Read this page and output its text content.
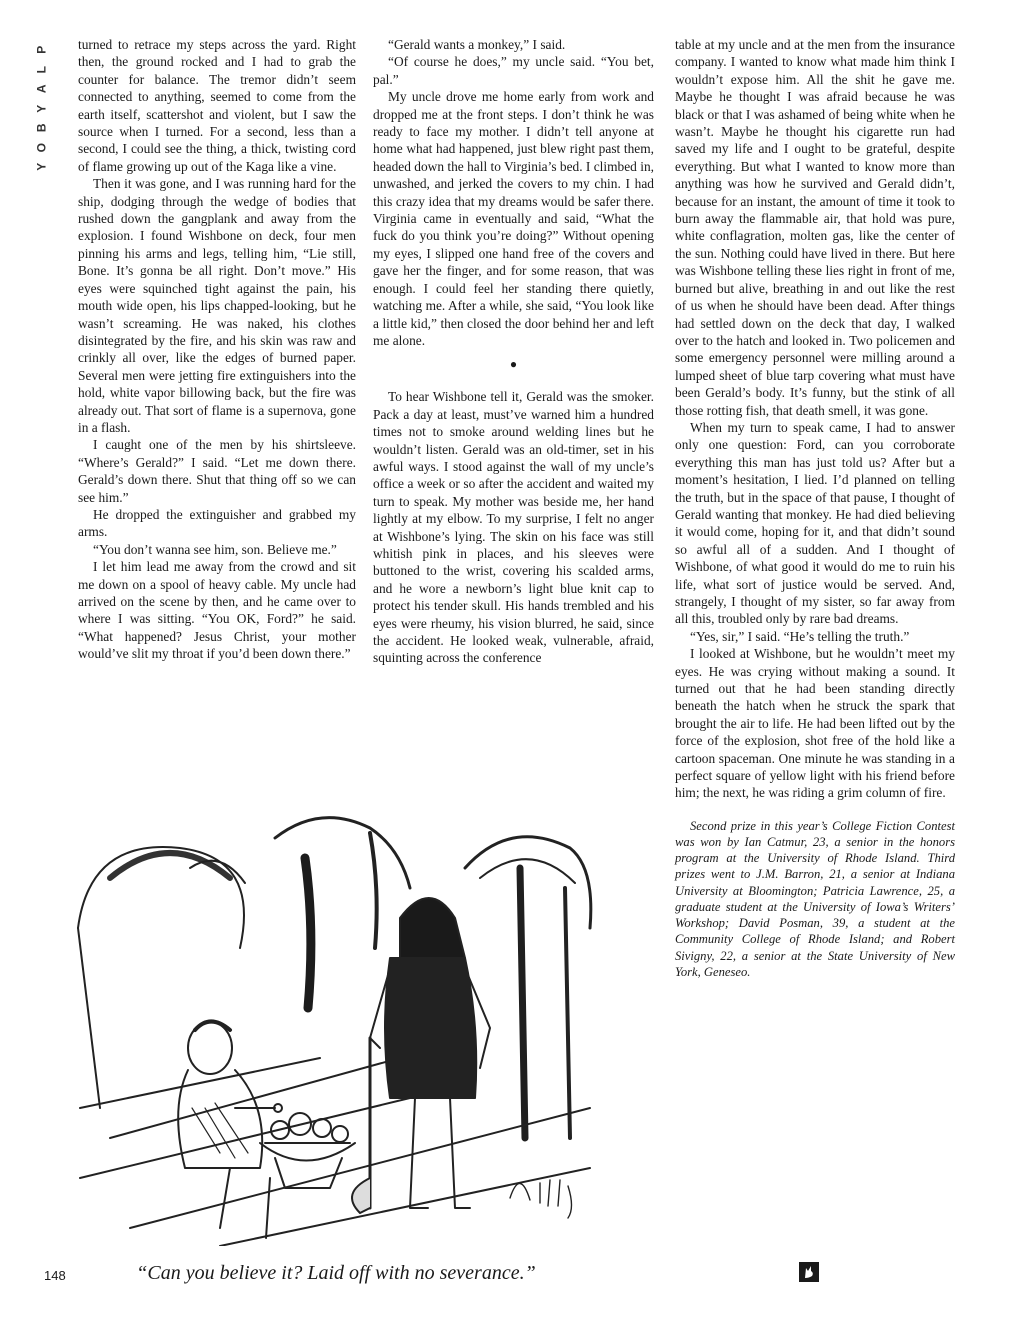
P
L
A
Y
B
O
Y

turned to retrace my steps across the yard. Right then, the ground rocked and I had to grab the counter for balance. The tremor didn’t seem connected to anything, seemed to come from the earth itself, scattershot and violent, but I saw the source when I turned. For a second, less than a second, I could see the thing, a thick, twisting cord of flame growing up out of the Kaga like a vine.

Then it was gone, and I was running hard for the ship, dodging through the wedge of bodies that rushed down the gangplank and away from the explosion. I found Wishbone on deck, four men pinning his arms and legs, telling him, “Lie still, Bone. It’s gonna be all right. Don’t move.” His eyes were squinched tight against the pain, his mouth wide open, his lips chapped-looking, but he wasn’t screaming. He was naked, his clothes disintegrated by the fire, and his skin was raw and crinkly all over, like the edges of burned paper. Several men were jetting fire extinguishers into the hold, white vapor billowing back, but the fire was already out. That sort of flame is a supernova, gone in a flash.

I caught one of the men by his shirtsleeve. “Where’s Gerald?” I said. “Let me down there. Gerald’s down there. Shut that thing off so we can see him.”

He dropped the extinguisher and grabbed my arms.

“You don’t wanna see him, son. Believe me.”

I let him lead me away from the crowd and sit me down on a spool of heavy cable. My uncle had arrived on the scene by then, and he came over to where I was sitting. “You OK, Ford?” he said. “What happened? Jesus Christ, your mother would’ve slit my throat if you’d been down there.”

“Gerald wants a monkey,” I said.

“Of course he does,” my uncle said. “You bet, pal.”

My uncle drove me home early from work and dropped me at the front steps. I don’t think he was ready to face my mother. I didn’t tell anyone at home what had happened, just blew right past them, headed down the hall to Virginia’s bed. I climbed in, unwashed, and jerked the covers to my chin. I had this crazy idea that my dreams would be safer there. Virginia came in eventually and said, “What the fuck do you think you’re doing?” Without opening my eyes, I slipped one hand free of the covers and gave her the finger, and for some reason, that was enough. I could feel her standing there quietly, watching me. After a while, she said, “You look like a little kid,” then closed the door behind her and left me alone.

●

To hear Wishbone tell it, Gerald was the smoker. Pack a day at least, must’ve warned him a hundred times not to smoke around welding lines but he wouldn’t listen. Gerald was an old-timer, set in his awful ways. I stood against the wall of my uncle’s office a week or so after the accident and waited my turn to speak. My mother was beside me, her hand lightly at my elbow. To my surprise, I felt no anger at Wishbone’s lying. The skin on his face was still whitish pink in places, and his sleeves were buttoned to the wrist, covering his scalded arms, and he wore a newborn’s light blue knit cap to protect his tender skull. His hands trembled and his eyes were rheumy, his vision blurred, he said, since the accident. He looked weak, vulnerable, afraid, squinting across the conference

table at my uncle and at the men from the insurance company. I wanted to know what made him think I wouldn’t expose him. All the shit he gave me. Maybe he thought I was afraid because he was black or that I was ashamed of being white when he wasn’t. Maybe he thought his cigarette run had saved my life and I ought to be grateful, despite everything. But what I wanted to know more than anything was how he survived and Gerald didn’t, because for an instant, the amount of time it took to burn away the flammable air, that hold was pure, white conflagration, molten gas, like the center of the sun. Nothing could have lived in there. But here was Wishbone telling these lies right in front of me, burned but alive, breathing in and out like the rest of us when he should have been dead. After things had settled down on the deck that day, I walked over to the hatch and looked in. Two policemen and some emergency personnel were milling around a lumped sheet of blue tarp covering what must have been Gerald’s body. It’s funny, but the stink of all those rotting fish, that death smell, it was gone.

When my turn to speak came, I had to answer only one question: Ford, can you corroborate everything this man has just told us? After but a moment’s hesitation, I lied. I’d planned on telling the truth, but in the space of that pause, I thought of Gerald wanting that monkey. He had died believing it would come, hoping for it, and that didn’t sound so awful all of a sudden. And I thought of Wishbone, of what good it would do me to ruin his life, what sort of justice would be served. And, strangely, I thought of my sister, so far away from all this, troubled only by rare bad dreams.

“Yes, sir,” I said. “He’s telling the truth.”

I looked at Wishbone, but he wouldn’t meet my eyes. He was crying without making a sound. It turned out that he had been standing directly beneath the hatch when he struck the spark that brought the air to life. He had been lifted out by the force of the explosion, shot free of the hold like a cartoon spaceman. One minute he was standing in a perfect square of yellow light with his friend before him; the next, he was riding a grim column of fire.

Second prize in this year’s College Fiction Contest was won by Ian Catmur, 23, a senior in the honors program at the University of Rhode Island. Third prizes went to J.M. Barron, 21, a senior at Indiana University at Bloomington; Patricia Lawrence, 25, a graduate student at the University of Iowa’s Writers’ Workshop; David Posman, 39, a student at the Community College of Rhode Island; and Robert Sivigny, 22, a senior at the State University of New York, Geneseo.

“Can you believe it? Laid off with no severance.”
148
